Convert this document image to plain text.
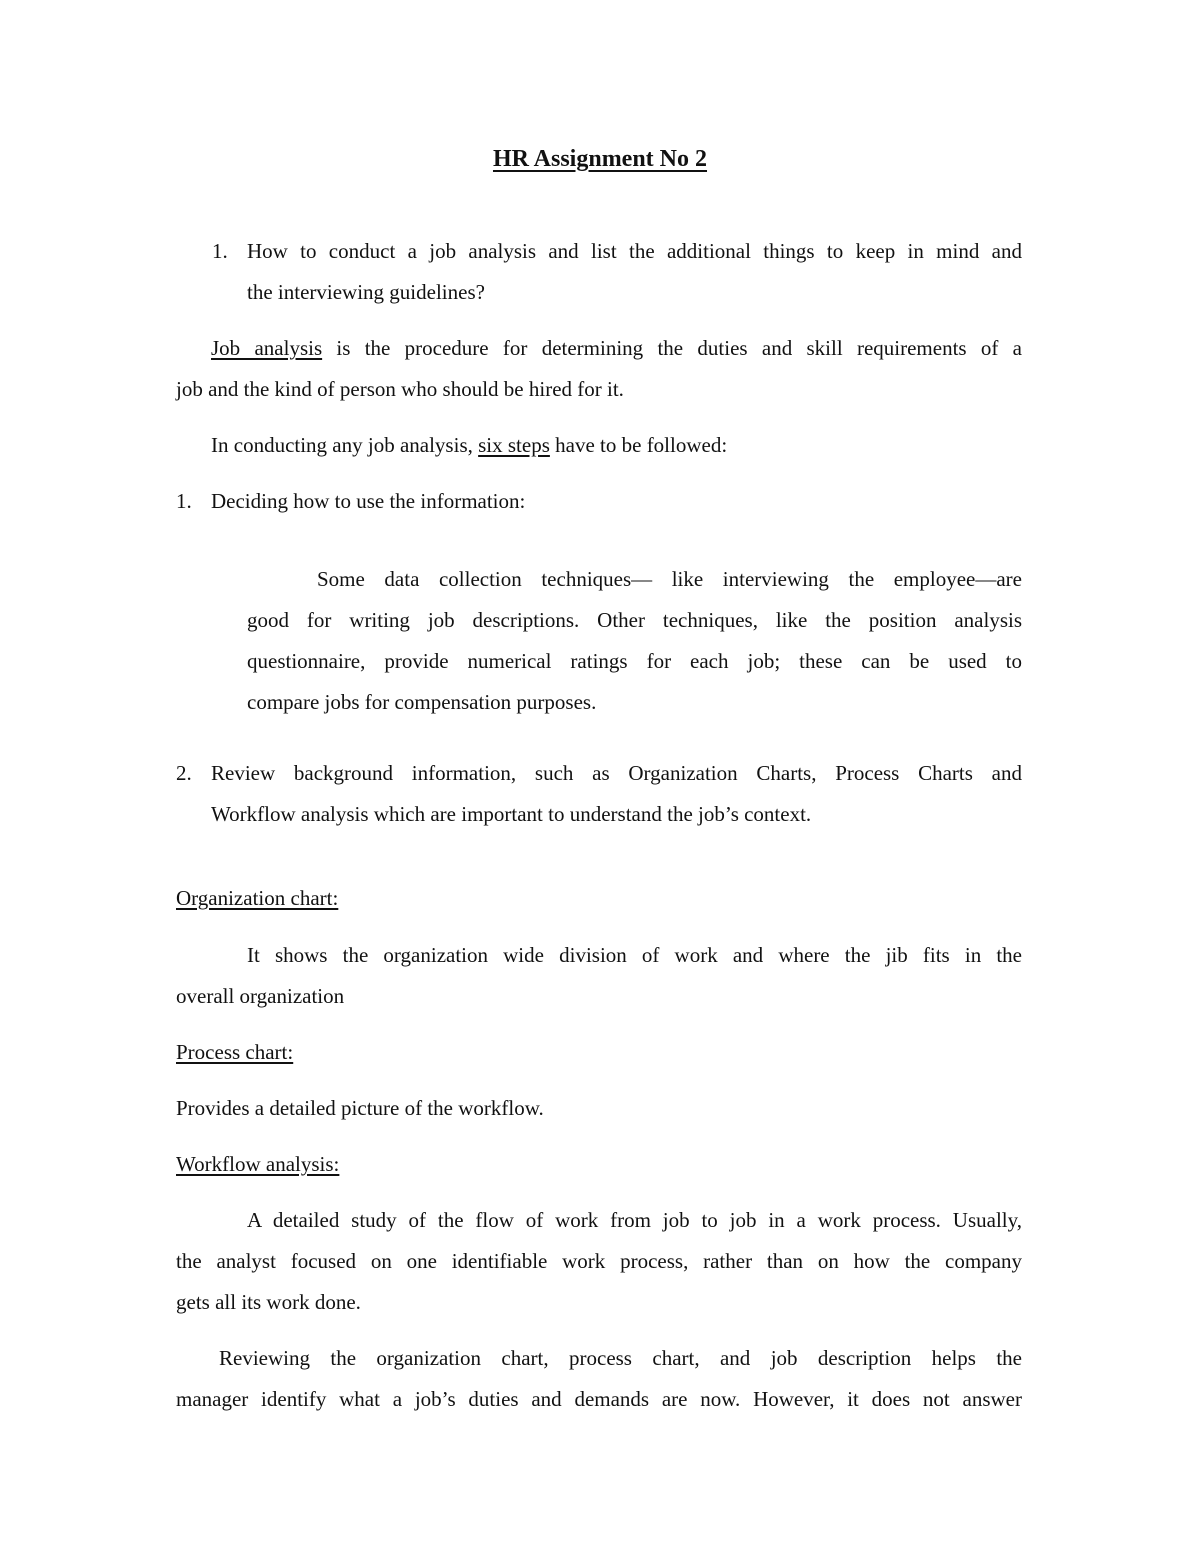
HR Assignment No 2
1. How to conduct a job analysis and list the additional things to keep in mind and
the interviewing guidelines?
Job analysis is the procedure for determining the duties and skill requirements of a
job and the kind of person who should be hired for it.
In conducting any job analysis, six steps have to be followed:
1. Deciding how to use the information:
Some data collection techniques— like interviewing the employee—are
good for writing job descriptions. Other techniques, like the position analysis
questionnaire, provide numerical ratings for each job; these can be used to
compare jobs for compensation purposes.
2. Review background information, such as Organization Charts, Process Charts and
Workflow analysis which are important to understand the job’s context.
Organization chart:
It shows the organization wide division of work and where the jib fits in the
overall organization
Process chart:
Provides a detailed picture of the workflow.
Workflow analysis:
A detailed study of the flow of work from job to job in a work process. Usually,
the analyst focused on one identifiable work process, rather than on how the company
gets all its work done.
Reviewing the organization chart, process chart, and job description helps the
manager identify what a job’s duties and demands are now. However, it does not answer
